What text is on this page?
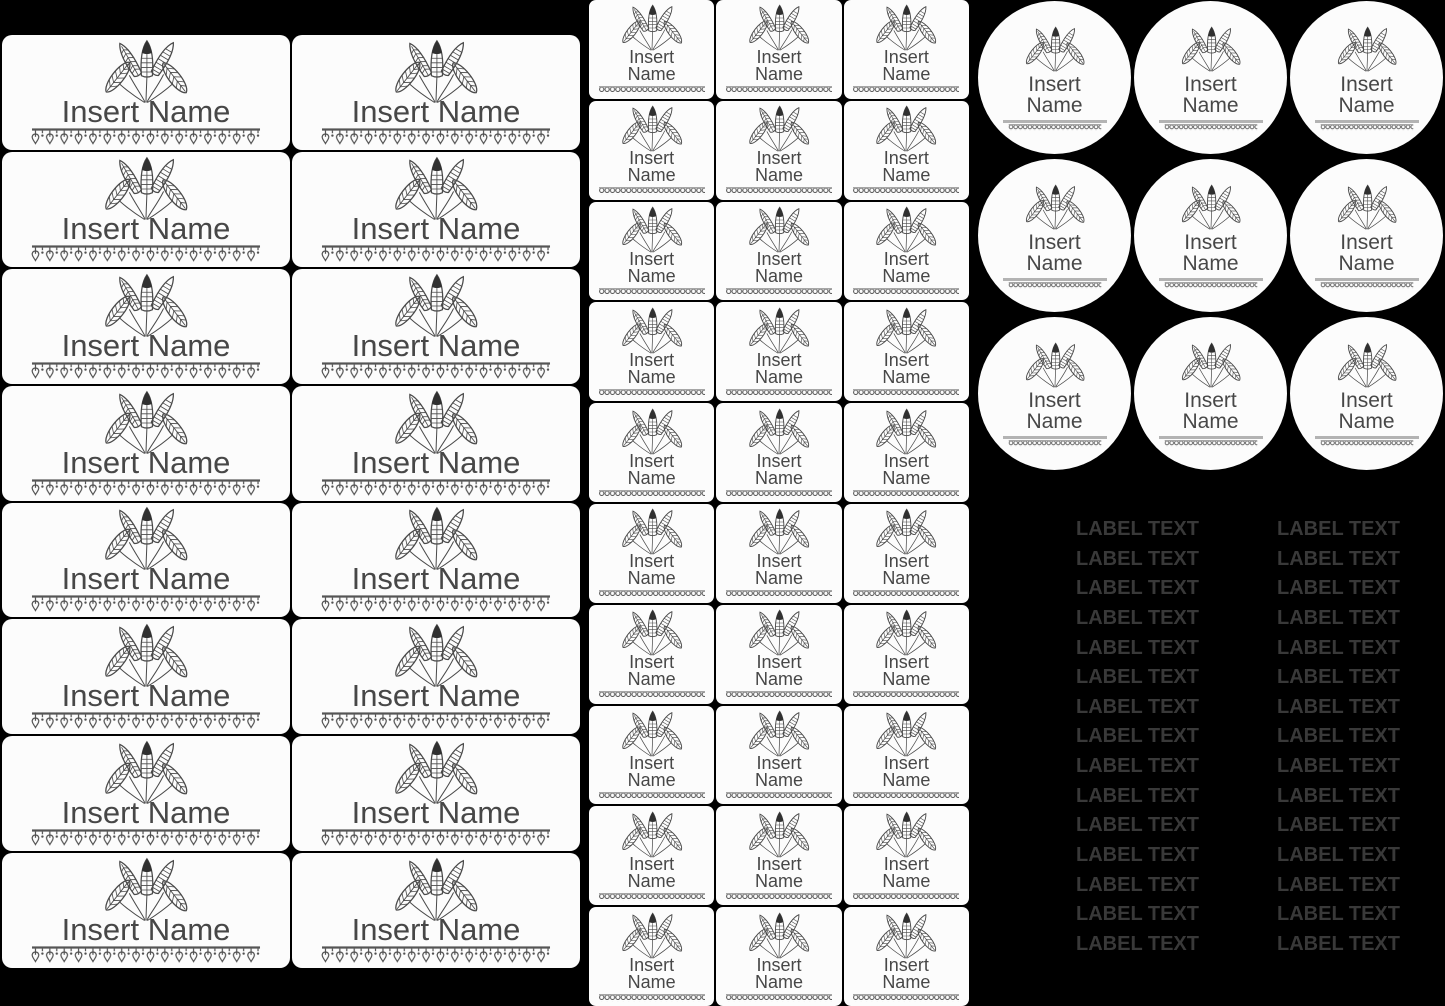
Insert Name	Insert Name
Insert Name	Insert Name
Insert Name	Insert Name
Insert Name	Insert Name
Insert Name	Insert Name
Insert Name	Insert Name
Insert Name	Insert Name
Insert Name	Insert Name
Insert
Name
Insert
Name
Insert
Name
Insert
Name
Insert
Name
Insert
Name
Insert
Name
Insert
Name
Insert
Name
Insert
Name
Insert
Name
Insert
Name
Insert
Name
Insert
Name
Insert
Name
Insert
Name
Insert
Name
Insert
Name
Insert
Name
Insert
Name
Insert
Name
Insert
Name
Insert
Name
Insert
Name
Insert
Name
Insert
Name
Insert
Name
Insert
Name
Insert
Name
Insert
Name
Insert
Name
Insert
Name
Insert
Name
Insert
Name
Insert
Name
Insert
Name
Insert
Name
Insert
Name
Insert
Name
LABEL TEXT
LABEL TEXT
LABEL TEXT
LABEL TEXT
LABEL TEXT
LABEL TEXT
LABEL TEXT
LABEL TEXT
LABEL TEXT
LABEL TEXT
LABEL TEXT
LABEL TEXT
LABEL TEXT
LABEL TEXT
LABEL TEXT
LABEL TEXT
LABEL TEXT
LABEL TEXT
LABEL TEXT
LABEL TEXT
LABEL TEXT
LABEL TEXT
LABEL TEXT
LABEL TEXT
LABEL TEXT
LABEL TEXT
LABEL TEXT
LABEL TEXT
LABEL TEXT
LABEL TEXT
